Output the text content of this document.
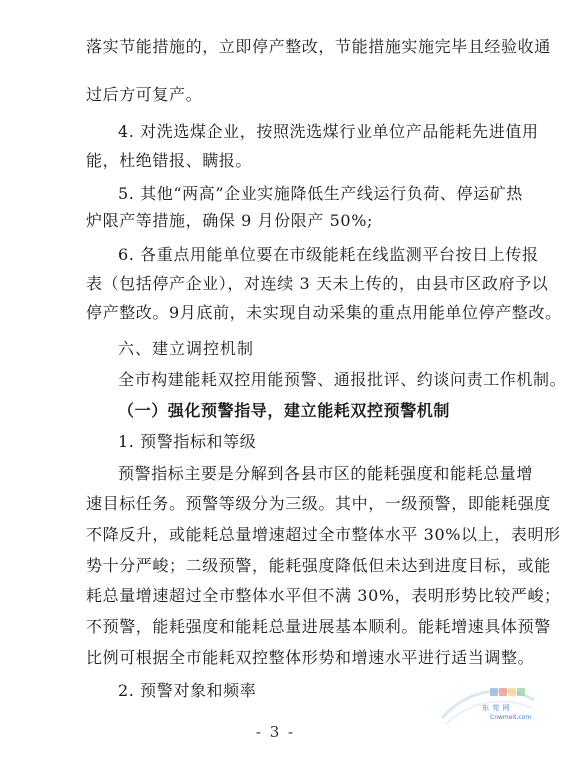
落实节能措施的，立即停产整改，节能措施实施完毕且经验收通
过后方可复产。
4. 对洗选煤企业，按照洗选煤行业单位产品能耗先进值用
能，杜绝错报、瞒报。
5. 其他“两高”企业实施降低生产线运行负荷、停运矿热
炉限产等措施，确保 9 月份限产 50%;
6. 各重点用能单位要在市级能耗在线监测平台按日上传报
表（包括停产企业），对连续 3 天未上传的，由县市区政府予以
停产整改。9月底前，未实现自动采集的重点用能单位停产整改。
六、建立调控机制
全市构建能耗双控用能预警、通报批评、约谈问责工作机制。
（一）强化预警指导，建立能耗双控预警机制
1. 预警指标和等级
预警指标主要是分解到各县市区的能耗强度和能耗总量增
速目标任务。预警等级分为三级。其中，一级预警，即能耗强度
不降反升，或能耗总量增速超过全市整体水平 30%以上，表明形
势十分严峻；二级预警，能耗强度降低但未达到进度目标，或能
耗总量增速超过全市整体水平但不满 30%，表明形势比较严峻；
不预警，能耗强度和能耗总量进展基本顺利。能耗增速具体预警
比例可根据全市能耗双控整体形势和增速水平进行适当调整。
2. 预警对象和频率
- 3 -
东 莞 网
Cnwmeit.com
